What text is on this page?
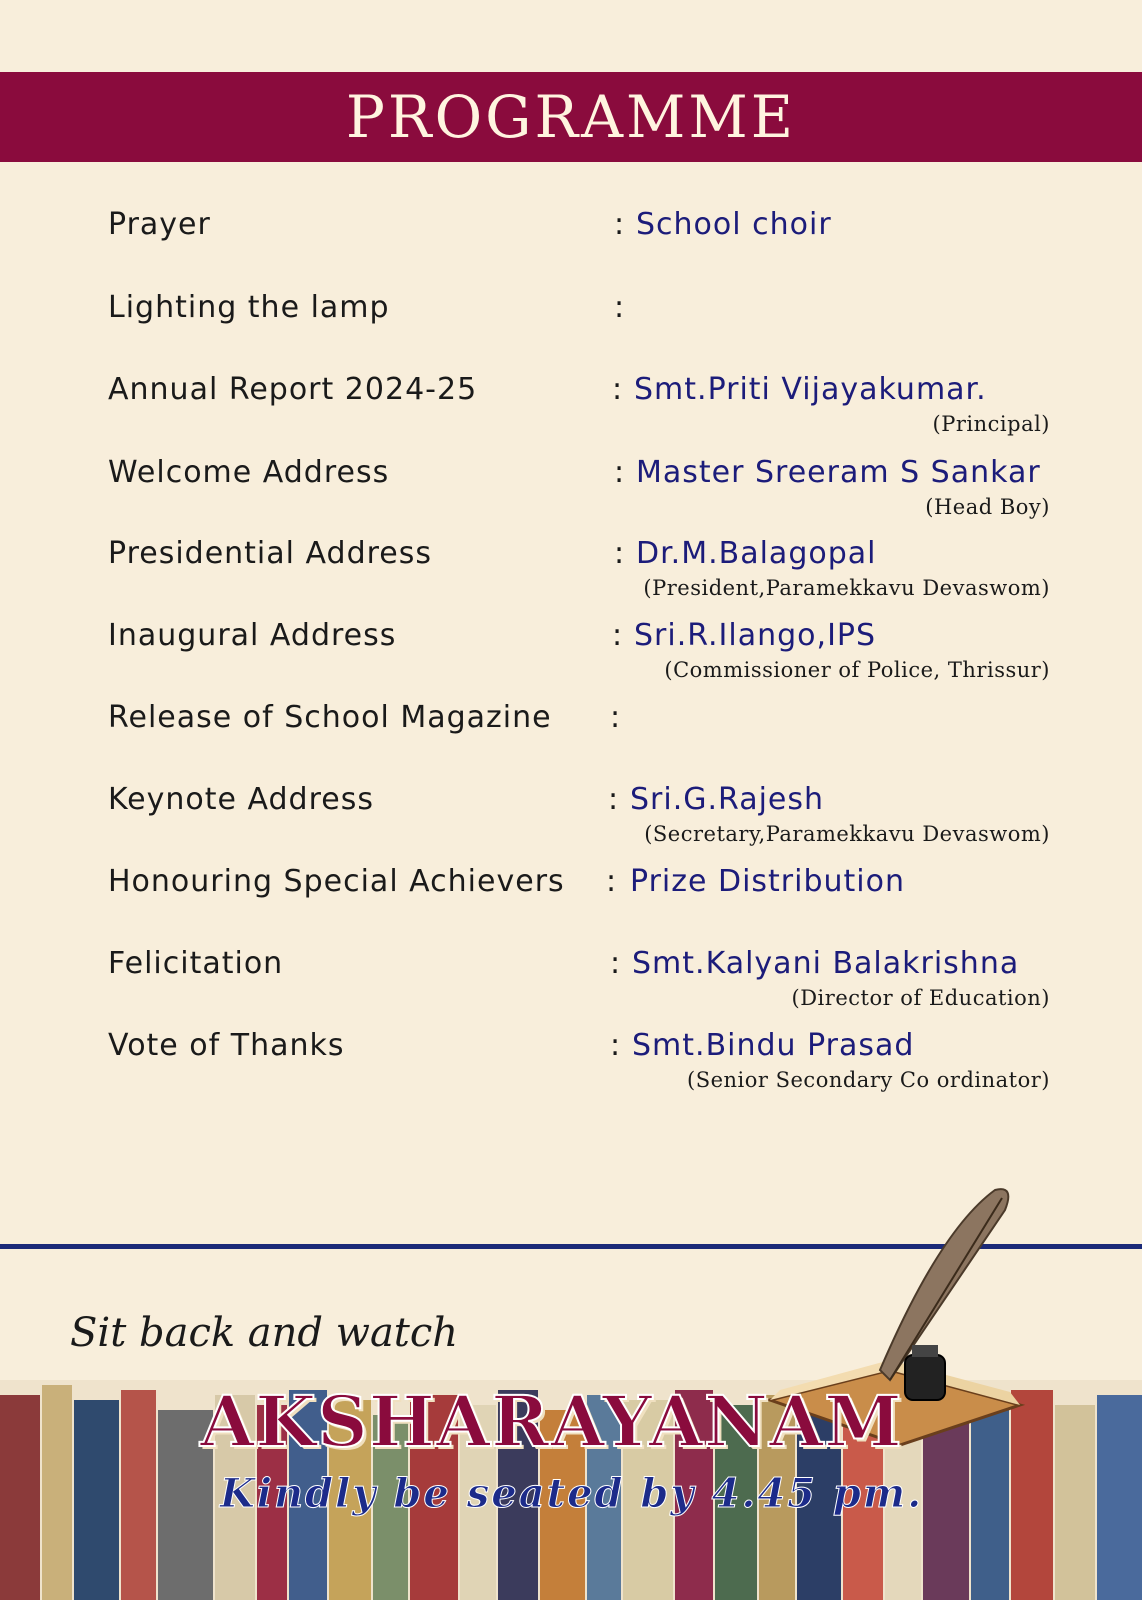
PROGRAMME
Prayer	: School choir
Lighting the lamp	:
Annual Report 2024-25	: Smt.Priti Vijayakumar.
(Principal)
Welcome Address	: Master Sreeram S Sankar
(Head Boy)
Presidential Address	: Dr.M.Balagopal
(President,Paramekkavu Devaswom)
Inaugural Address	: Sri.R.Ilango,IPS
(Commissioner of Police, Thrissur)
Release of School Magazine :
Keynote Address	: Sri.G.Rajesh
(Secretary,Paramekkavu Devaswom)
Honouring Special Achievers : Prize Distribution
Felicitation	: Smt.Kalyani Balakrishna
(Director of Education)
Vote of Thanks	: Smt.Bindu Prasad
(Senior Secondary Co ordinator)
Sit back and watch
AKSHARAYANAM
Kindly be seated by 4.45 pm.
